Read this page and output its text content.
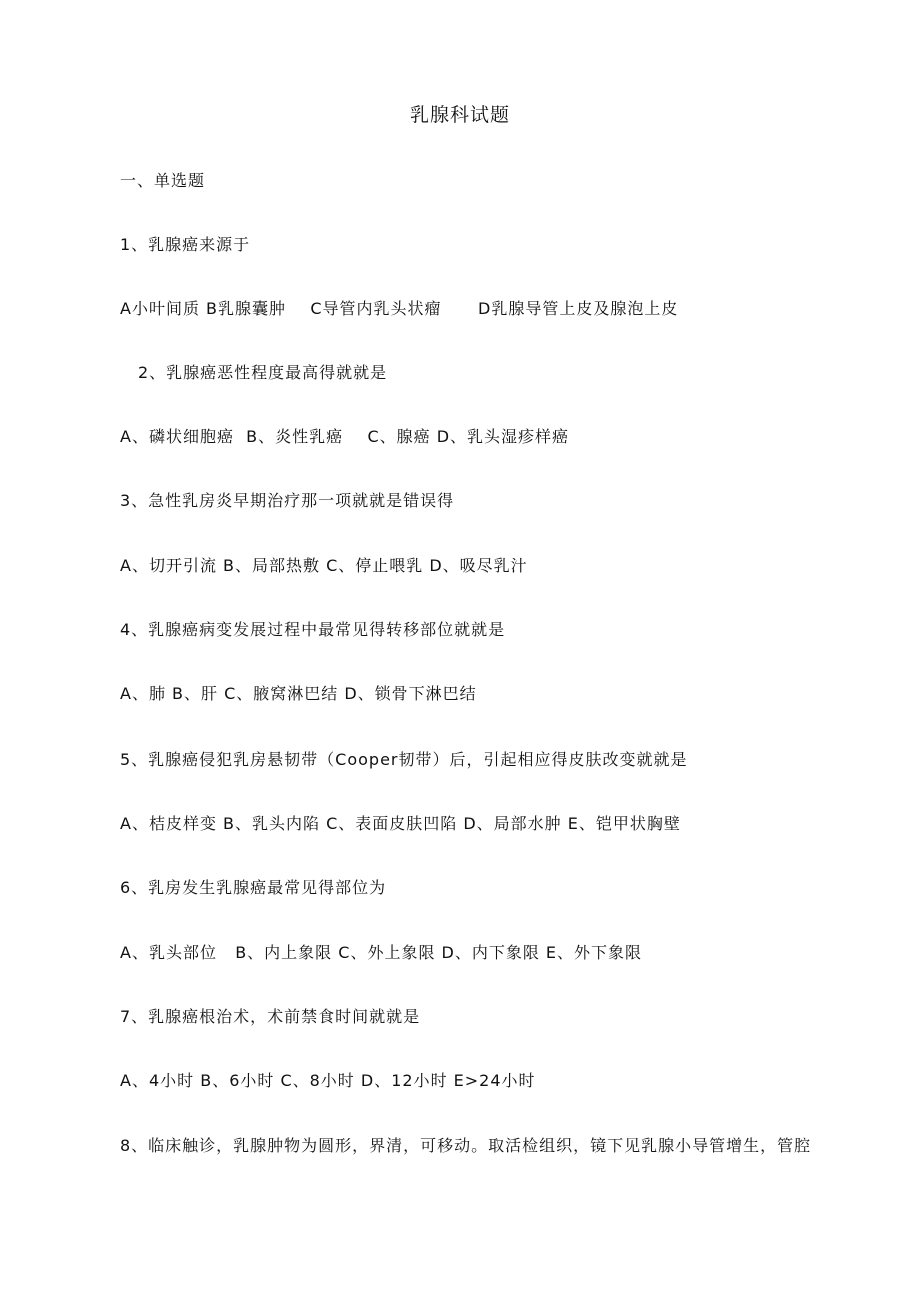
乳腺科试题
一、单选题
1、乳腺癌来源于
A小叶间质 B乳腺囊肿    C导管内乳头状瘤      D乳腺导管上皮及腺泡上皮
2、乳腺癌恶性程度最高得就就是
A、磷状细胞癌  B、炎性乳癌    C、腺癌 D、乳头湿疹样癌
3、急性乳房炎早期治疗那一项就就是错误得
A、切开引流 B、局部热敷 C、停止喂乳 D、吸尽乳汁
4、乳腺癌病变发展过程中最常见得转移部位就就是
A、肺 B、肝 C、腋窝淋巴结 D、锁骨下淋巴结
5、乳腺癌侵犯乳房悬韧带（Cooper韧带）后，引起相应得皮肤改变就就是
A、桔皮样变 B、乳头内陷 C、表面皮肤凹陷 D、局部水肿 E、铠甲状胸壁
6、乳房发生乳腺癌最常见得部位为
A、乳头部位   B、内上象限 C、外上象限 D、内下象限 E、外下象限
7、乳腺癌根治术，术前禁食时间就就是
A、4小时 B、6小时 C、8小时 D、12小时 E>24小时
8、临床触诊，乳腺肿物为圆形，界清，可移动。取活检组织，镜下见乳腺小导管增生，管腔
